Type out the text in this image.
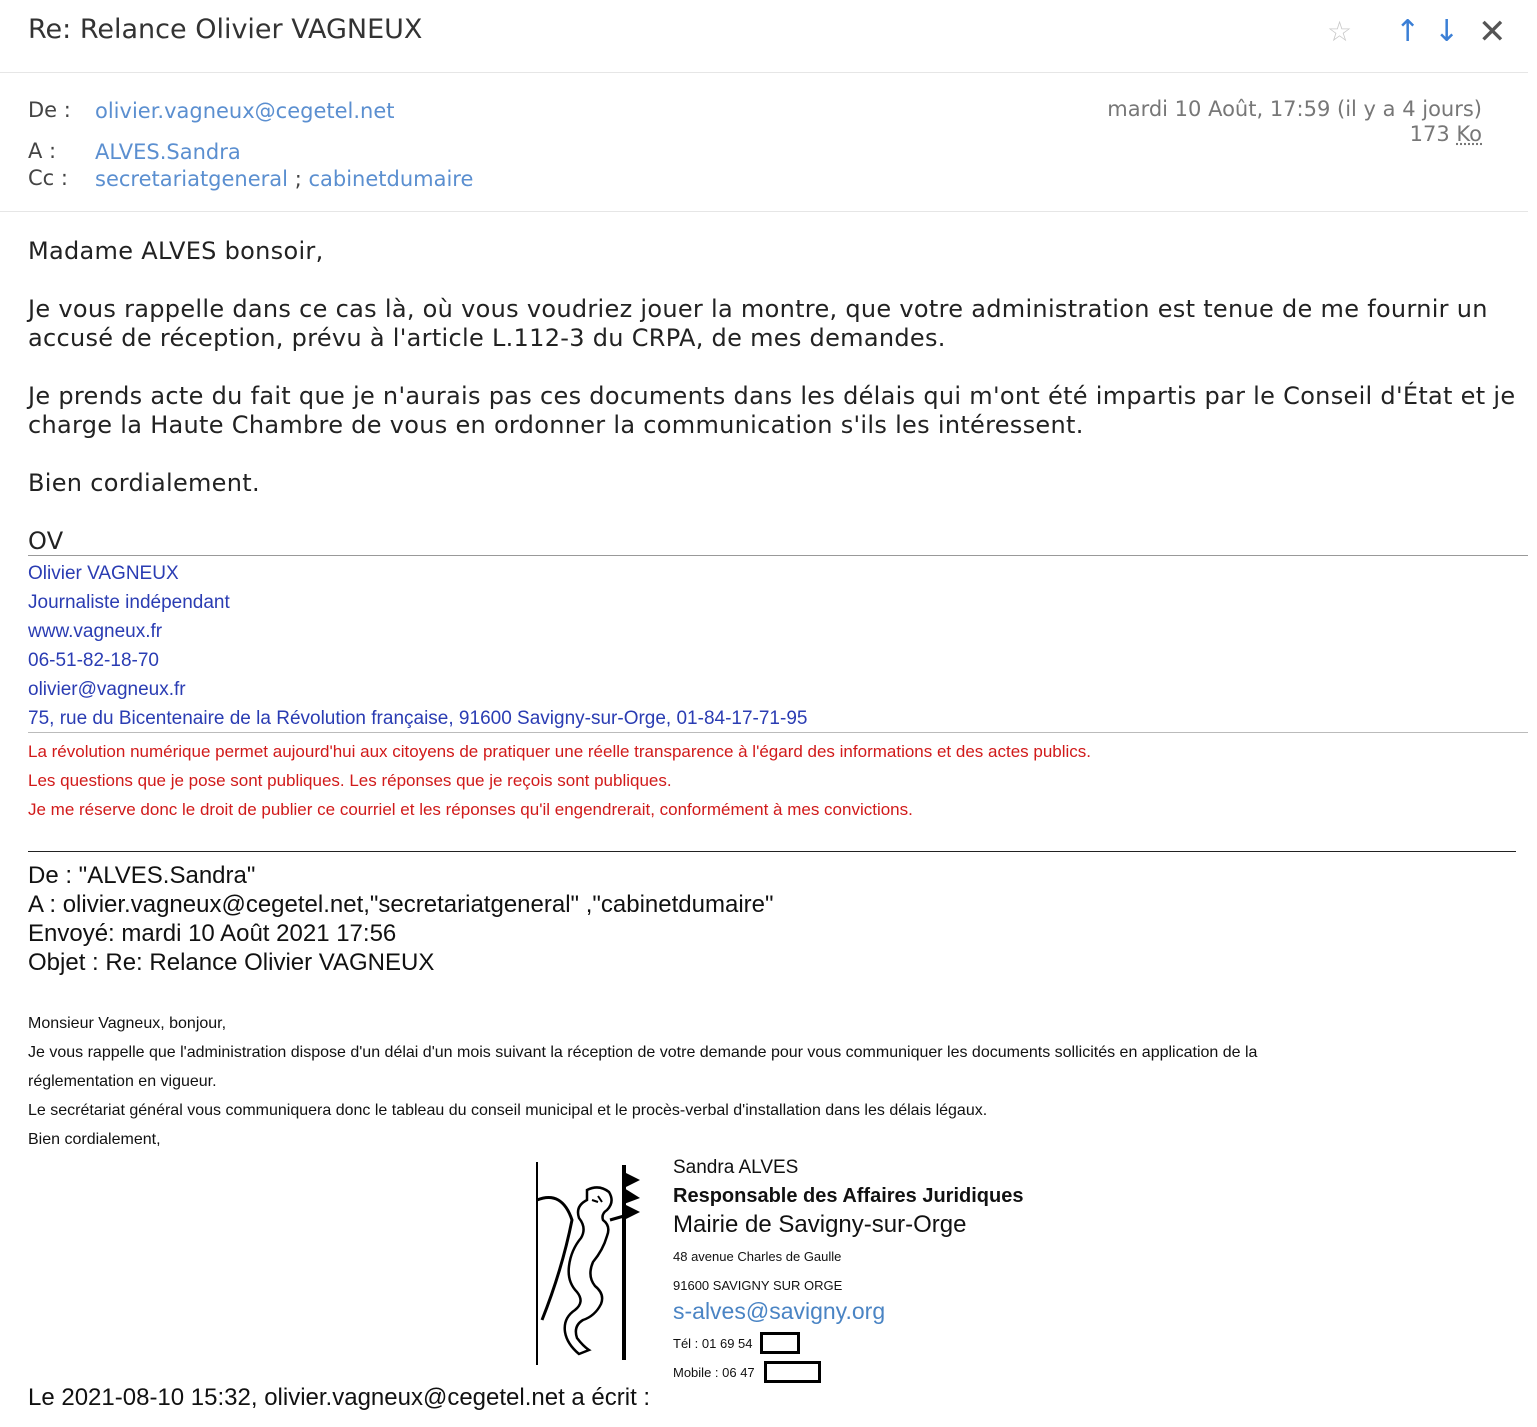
Re: Relance Olivier VAGNEUX	☆ ↑ ↓ ✕
De : olivier.vagneux@cegetel.net
A : ALVES.Sandra
Cc : secretariatgeneral ; cabinetdumaire
mardi 10 Août, 17:59 (il y a 4 jours)
173 Ko
Madame ALVES bonsoir,
Je vous rappelle dans ce cas là, où vous voudriez jouer la montre, que votre administration est tenue de me fournir un
accusé de réception, prévu à l'article L.112-3 du CRPA, de mes demandes.
Je prends acte du fait que je n'aurais pas ces documents dans les délais qui m'ont été impartis par le Conseil d'État et je
charge la Haute Chambre de vous en ordonner la communication s'ils les intéressent.
Bien cordialement.
OV
Olivier VAGNEUX
Journaliste indépendant
www.vagneux.fr
06-51-82-18-70
olivier@vagneux.fr
75, rue du Bicentenaire de la Révolution française, 91600 Savigny-sur-Orge, 01-84-17-71-95
La révolution numérique permet aujourd'hui aux citoyens de pratiquer une réelle transparence à l'égard des informations et des actes publics.
Les questions que je pose sont publiques. Les réponses que je reçois sont publiques.
Je me réserve donc le droit de publier ce courriel et les réponses qu'il engendrerait, conformément à mes convictions.
De : "ALVES.Sandra"
A : olivier.vagneux@cegetel.net,"secretariatgeneral" ,"cabinetdumaire"
Envoyé: mardi 10 Août 2021 17:56
Objet : Re: Relance Olivier VAGNEUX
Monsieur Vagneux, bonjour,
Je vous rappelle que l'administration dispose d'un délai d'un mois suivant la réception de votre demande pour vous communiquer les documents sollicités en application de la
réglementation en vigueur.
Le secrétariat général vous communiquera donc le tableau du conseil municipal et le procès-verbal d'installation dans les délais légaux.
Bien cordialement,
Sandra ALVES
Responsable des Affaires Juridiques
Mairie de Savigny-sur-Orge
48 avenue Charles de Gaulle
91600 SAVIGNY SUR ORGE
s-alves@savigny.org
Tél : 01 69 54
Mobile : 06 47
Le 2021-08-10 15:32, olivier.vagneux@cegetel.net a écrit :
